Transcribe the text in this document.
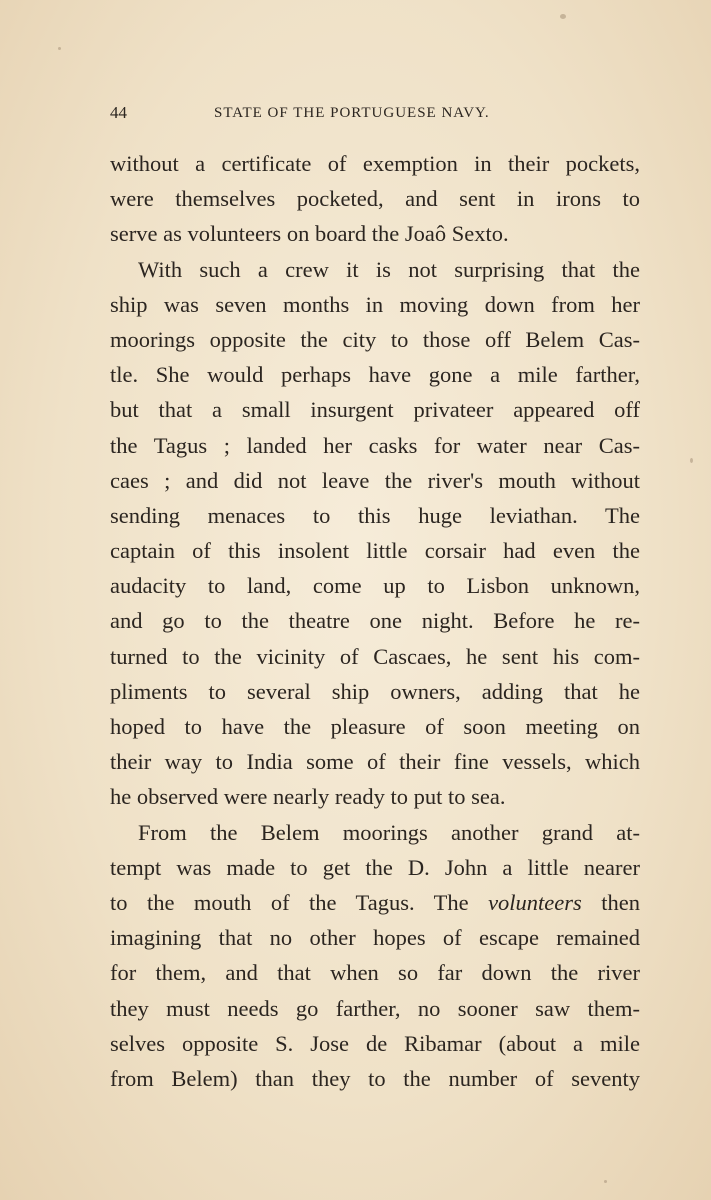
44	STATE OF THE PORTUGUESE NAVY.
without a certificate of exemption in their pockets,
were themselves pocketed, and sent in irons to
serve as volunteers on board the Joaô Sexto.
With such a crew it is not surprising that the
ship was seven months in moving down from her
moorings opposite the city to those off Belem Cas-
tle. She would perhaps have gone a mile farther,
but that a small insurgent privateer appeared off
the Tagus ; landed her casks for water near Cas-
caes ; and did not leave the river's mouth without
sending menaces to this huge leviathan. The
captain of this insolent little corsair had even the
audacity to land, come up to Lisbon unknown,
and go to the theatre one night. Before he re-
turned to the vicinity of Cascaes, he sent his com-
pliments to several ship owners, adding that he
hoped to have the pleasure of soon meeting on
their way to India some of their fine vessels, which
he observed were nearly ready to put to sea.
From the Belem moorings another grand at-
tempt was made to get the D. John a little nearer
to the mouth of the Tagus. The volunteers then
imagining that no other hopes of escape remained
for them, and that when so far down the river
they must needs go farther, no sooner saw them-
selves opposite S. Jose de Ribamar (about a mile
from Belem) than they to the number of seventy
